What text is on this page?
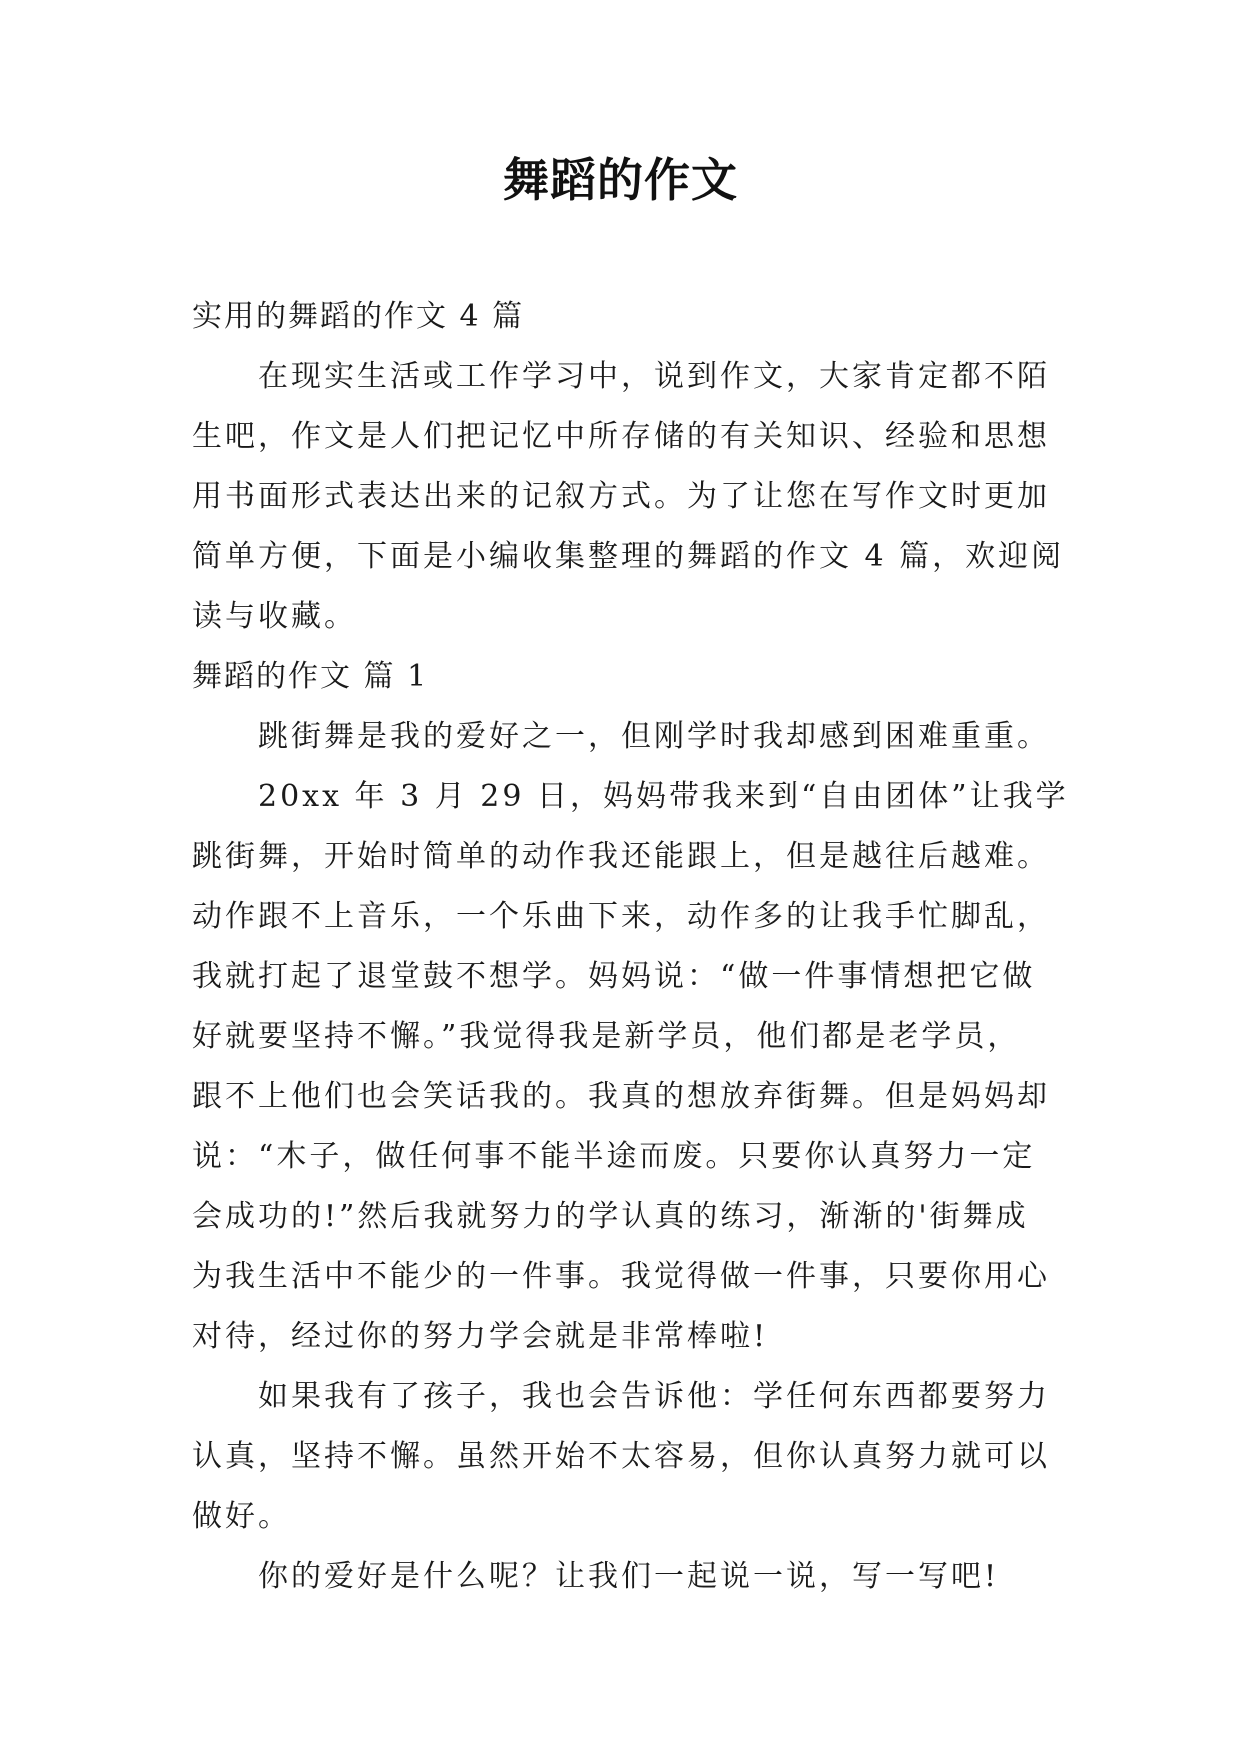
舞蹈的作文

实用的舞蹈的作文 4 篇

在现实生活或工作学习中，说到作文，大家肯定都不陌

生吧，作文是人们把记忆中所存储的有关知识、经验和思想

用书面形式表达出来的记叙方式。为了让您在写作文时更加

简单方便，下面是小编收集整理的舞蹈的作文 4 篇，欢迎阅

读与收藏。

舞蹈的作文 篇 1

跳街舞是我的爱好之一，但刚学时我却感到困难重重。

20xx 年 3 月 29 日，妈妈带我来到“自由团体”让我学

跳街舞，开始时简单的动作我还能跟上，但是越往后越难。

动作跟不上音乐，一个乐曲下来，动作多的让我手忙脚乱，

我就打起了退堂鼓不想学。妈妈说：“做一件事情想把它做

好就要坚持不懈。”我觉得我是新学员，他们都是老学员，

跟不上他们也会笑话我的。我真的想放弃街舞。但是妈妈却

说：“木子，做任何事不能半途而废。只要你认真努力一定

会成功的!”然后我就努力的学认真的练习，渐渐的'街舞成

为我生活中不能少的一件事。我觉得做一件事，只要你用心

对待，经过你的努力学会就是非常棒啦!

如果我有了孩子，我也会告诉他：学任何东西都要努力

认真，坚持不懈。虽然开始不太容易，但你认真努力就可以

做好。

你的爱好是什么呢？让我们一起说一说，写一写吧!
